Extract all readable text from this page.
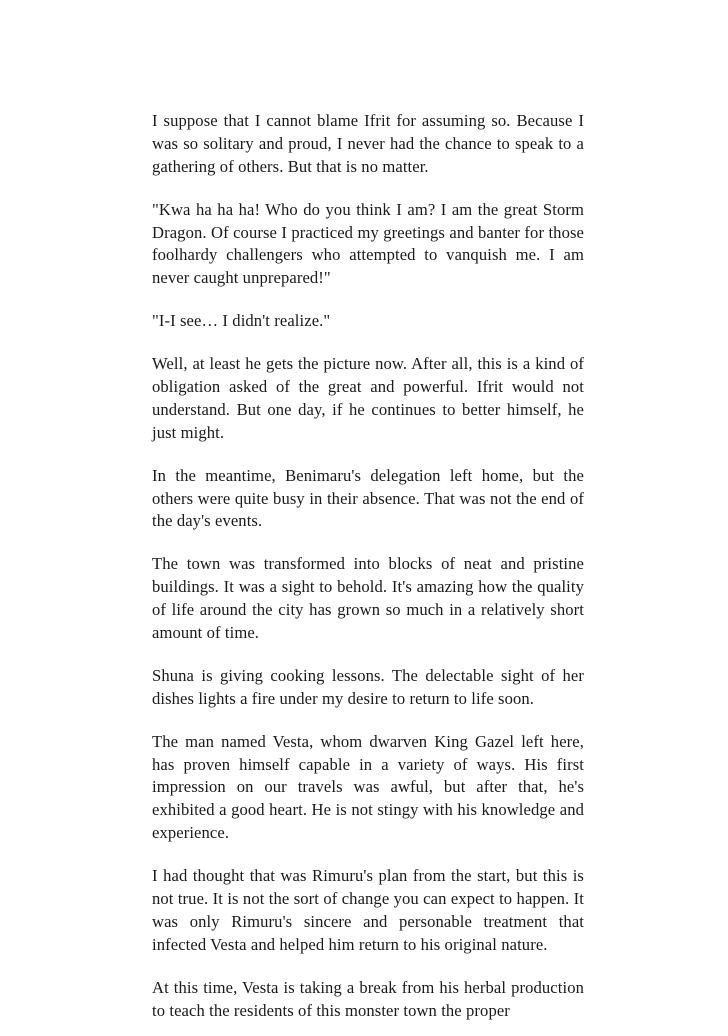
I suppose that I cannot blame Ifrit for assuming so. Because I was so solitary and proud, I never had the chance to speak to a gathering of others. But that is no matter.

"Kwa ha ha ha! Who do you think I am? I am the great Storm Dragon. Of course I practiced my greetings and banter for those foolhardy challengers who attempted to vanquish me. I am never caught unprepared!"

"I-I see… I didn't realize."

Well, at least he gets the picture now. After all, this is a kind of obligation asked of the great and powerful. Ifrit would not understand. But one day, if he continues to better himself, he just might.

In the meantime, Benimaru's delegation left home, but the others were quite busy in their absence. That was not the end of the day's events.

The town was transformed into blocks of neat and pristine buildings. It was a sight to behold. It's amazing how the quality of life around the city has grown so much in a relatively short amount of time.

Shuna is giving cooking lessons. The delectable sight of her dishes lights a fire under my desire to return to life soon.

The man named Vesta, whom dwarven King Gazel left here, has proven himself capable in a variety of ways. His first impression on our travels was awful, but after that, he's exhibited a good heart. He is not stingy with his knowledge and experience.

I had thought that was Rimuru's plan from the start, but this is not true. It is not the sort of change you can expect to happen. It was only Rimuru's sincere and personable treatment that infected Vesta and helped him return to his original nature.

At this time, Vesta is taking a break from his herbal production to teach the residents of this monster town the proper
